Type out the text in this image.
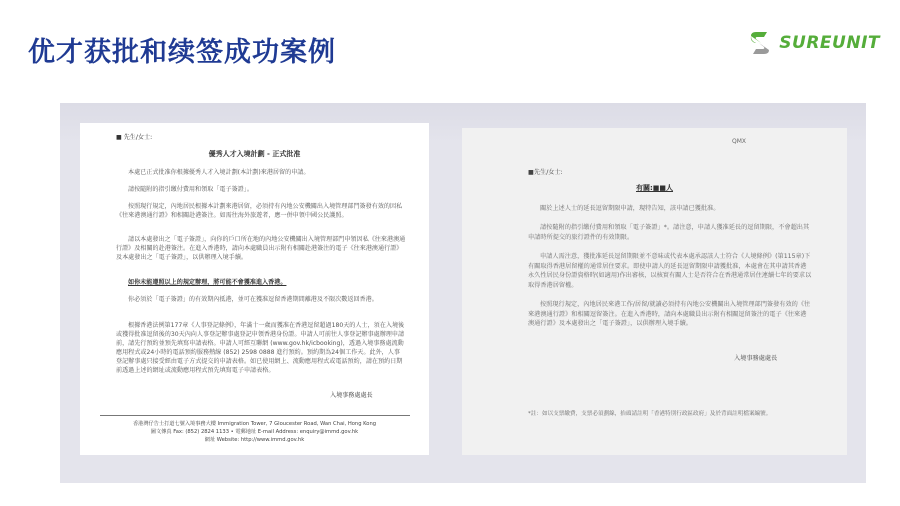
优才获批和续签成功案例	SUREUNIT
■ 先生/女士:
優秀人才入境計劃 - 正式批准
本處已正式批准你根據優秀人才入境計劃(本計劃)來港居留的申請。
請按隨附的指引繳付費用和領取「電子簽證」。
按照現行規定，內地居民根據本計劃來港居留，必須持有內地公安機關出入境管理部門簽發有效的因私《往來港澳通行證》和相關赴港簽注。如需往海外旅遊者，應一併申領中國公民護照。
請以本處發出之「電子簽證」，向你的戶口所在地的內地公安機關出入境管理部門申領因私《往來港澳通行證》及相關的赴港簽注。在進入香港時，請向本處職員出示附有相關赴港簽注的電子《往來港澳通行證》及本處發出之「電子簽證」，以供辦理入境手續。
如你未能遵照以上的規定辦理，將可能不會獲准進入香港。
你必須於「電子簽證」的有效期內抵港，並可在獲准逗留香港期間離港及不限次數返回香港。
根據香港法例第177章《人事登記條例》，年滿十一歲而獲准在香港逗留超過180天的人士，須在入境後或獲得批准逗留後的30天內向人事登記辦事處登記申領香港身份證。申請人可前往人事登記辦事處辦理申請前，請先行預約並預先填寫申請表格。申請人可經互聯網 (www.gov.hk/icbooking)，透過入境事務處流動應用程式或24小時的電話預約服務熱線 (852) 2598 0888 進行預約。預約期為24個工作天。此外，人事登記辦事處只接受經由電子方式提交的申請表格。如已使用網上、流動應用程式或電話預約，請在預約日期前透過上述的網址或流動應用程式預先填寫電子申請表格。
入境事務處處長
香港灣仔告士打道七號入境事務大樓 Immigration Tower, 7 Gloucester Road, Wan Chai, Hong Kong
圖文傳真 Fax: (852) 2824 1133 • 電郵地址 E-mail Address: enquiry@immd.gov.hk
網址 Website: http://www.immd.gov.hk
QMX
■先生/女士:
有關:■■人
關於上述人士的延長逗留期限申請，現特告知，該申請已獲批准。
請按隨附的指引繳付費用和領取「電子簽證」*。請注意，申請人獲准延長的逗留期限，不會超出其申請時所提交的旅行證件的有效期限。
申請人需注意，獲批准延長逗留期限並不意味或代表本處承認該人士符合《人境條例》(第115章)下有關取得香港居留權的通常居住要求。即使申請人的延長逗留期限申請獲批准，本處會在其申請其香港永久性居民身份證資格時(如適用)作出審核，以核實有關人士是否符合在香港通常居住連續七年的要求以取得香港居留權。
按照現行規定，內地居民來港工作/居留/就讀必須持有內地公安機關出入境管理部門簽發有效的《往來港澳通行證》和相關逗留簽注。在進入香港時，請向本處職員出示附有相關逗留簽注的電子《往來港澳通行證》及本處發出之「電子簽證」，以供辦理入境手續。
入境事務處處長
*註：如以支票繳費，支票必須劃線，抬頭請註明「香港特別行政區政府」及於背面註明檔案編號。
